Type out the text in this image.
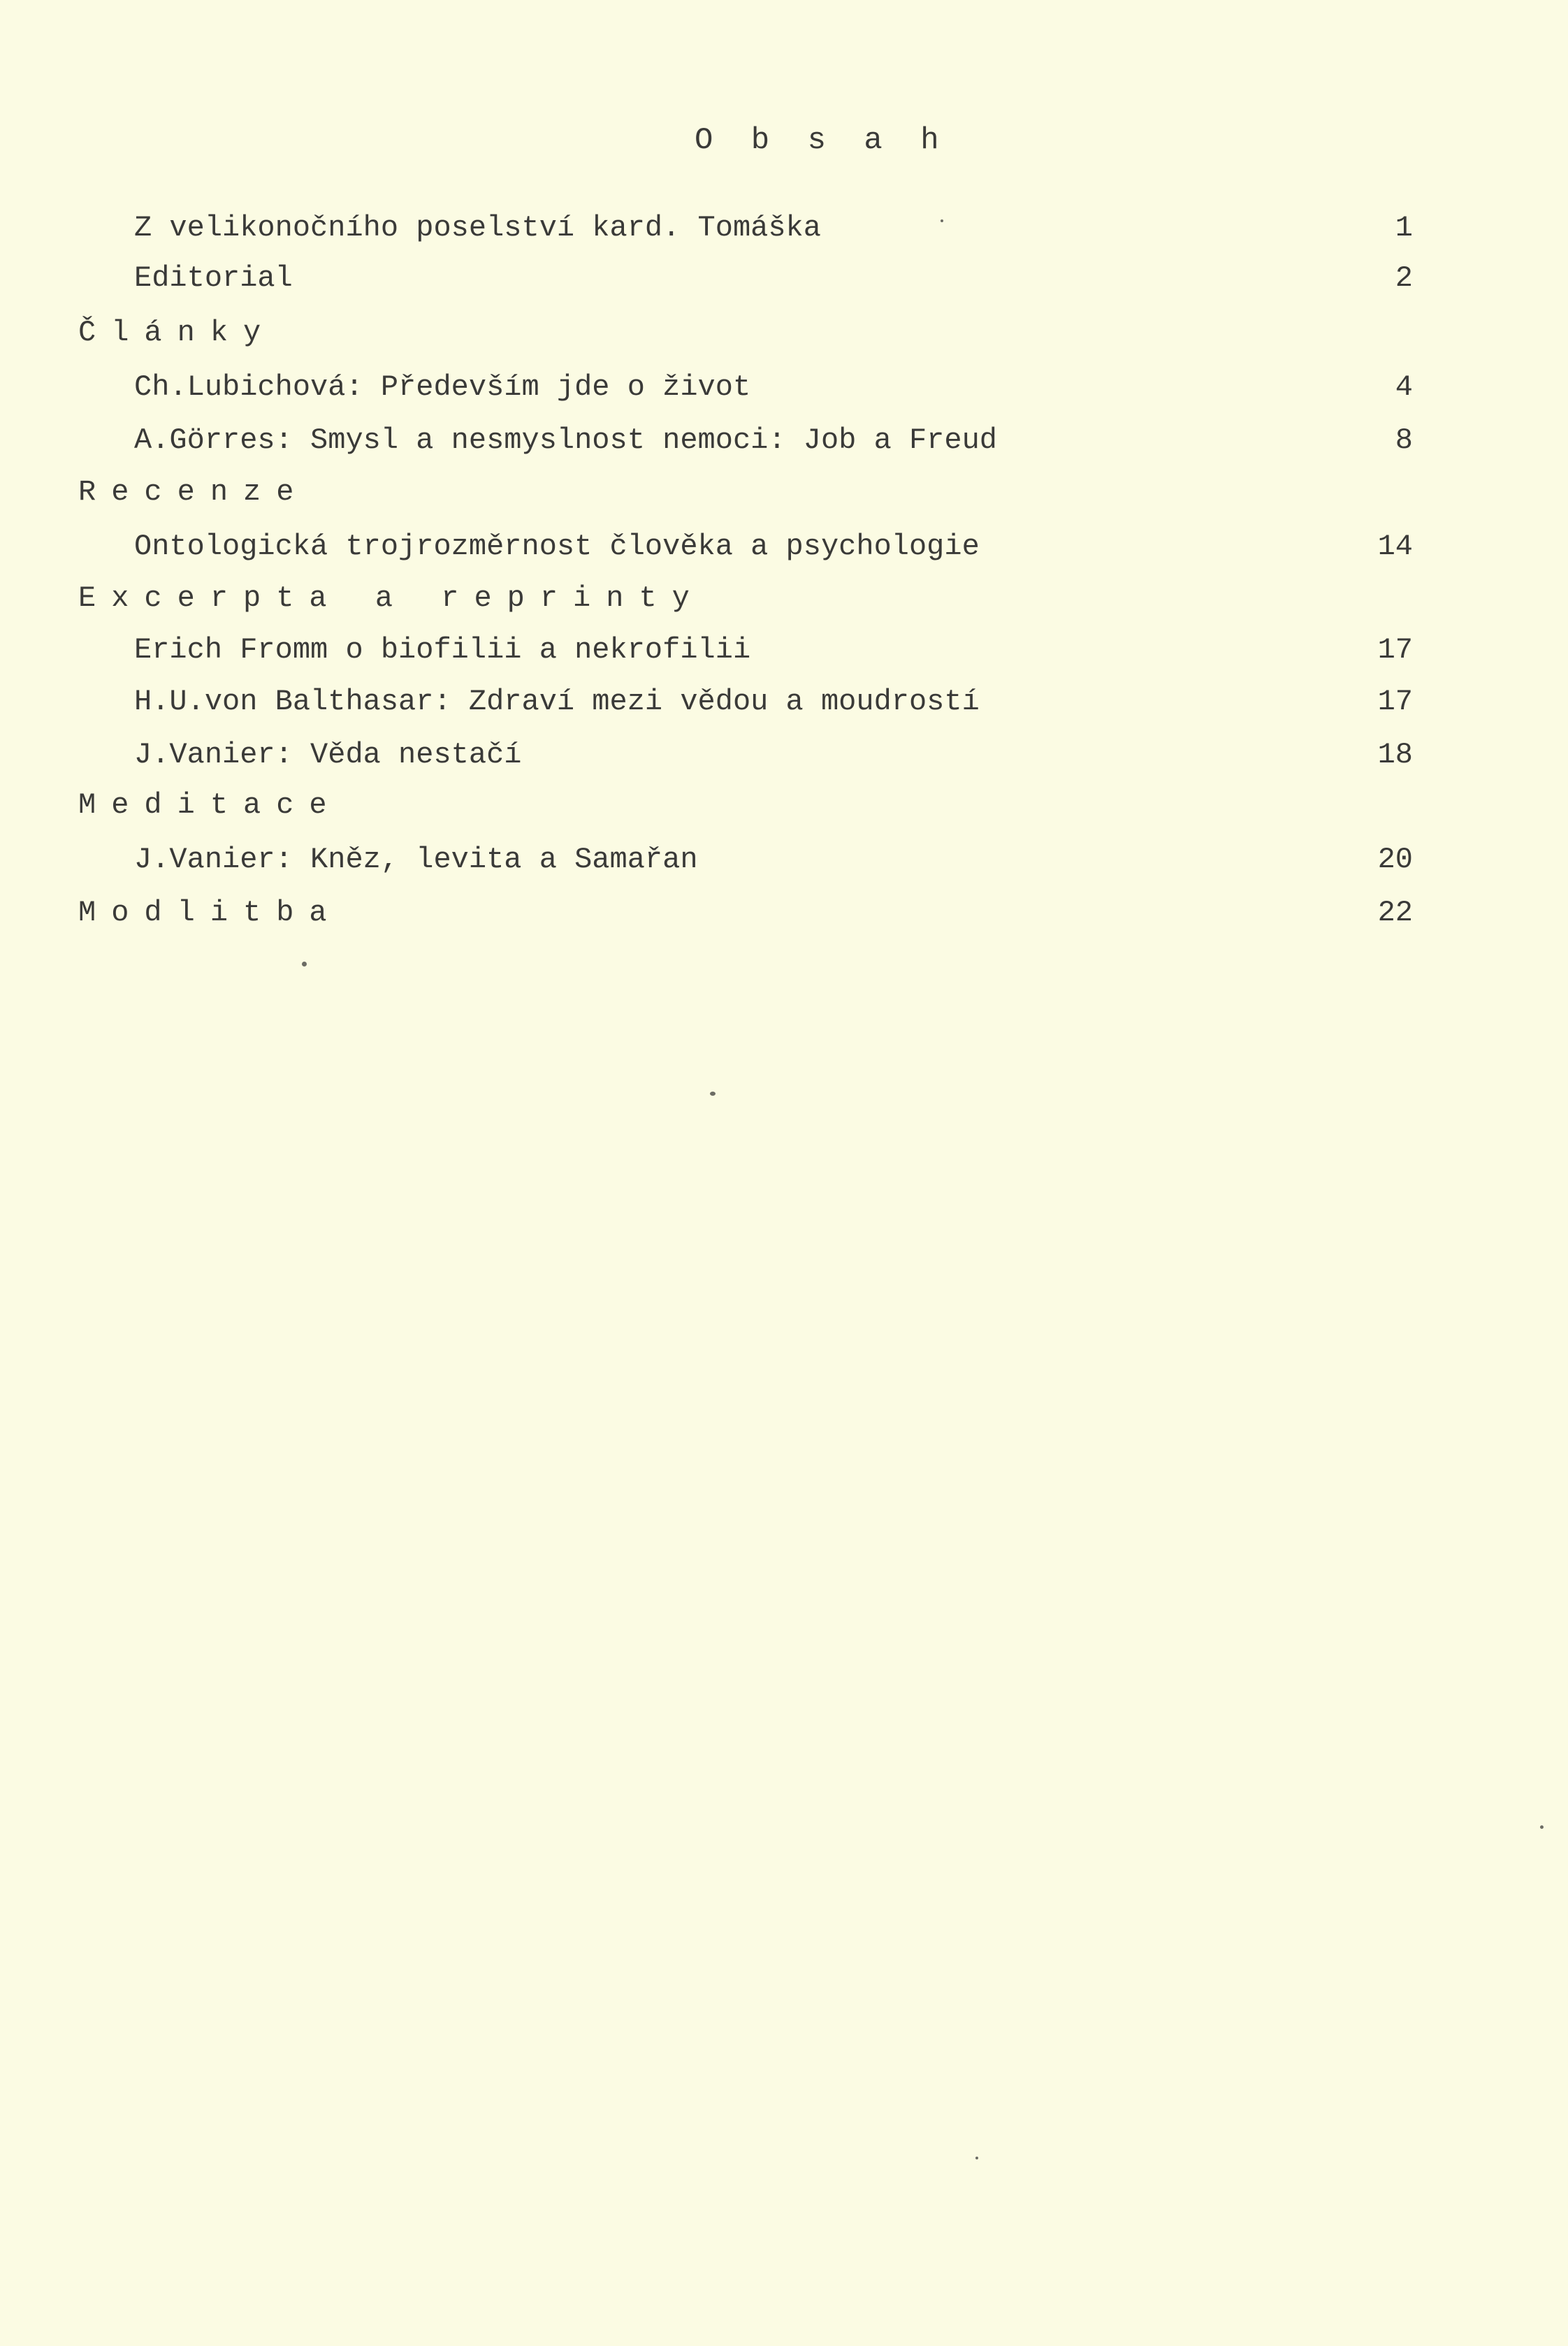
O b s a h
Z velikonočního poselství kard. Tomáška	1
Editorial	2
Články
Ch.Lubichová: Především jde o život	4
A.Görres: Smysl a nesmyslnost nemoci: Job a Freud	8
Recenze
Ontologická trojrozměrnost člověka a psychologie	14
Excerpta a reprinty
Erich Fromm o biofilii a nekrofilii	17
H.U.von Balthasar: Zdraví mezi vědou a moudrostí	17
J.Vanier: Věda nestačí	18
Meditace
J.Vanier: Kněz, levita a Samařan	20
Modlitba	22
